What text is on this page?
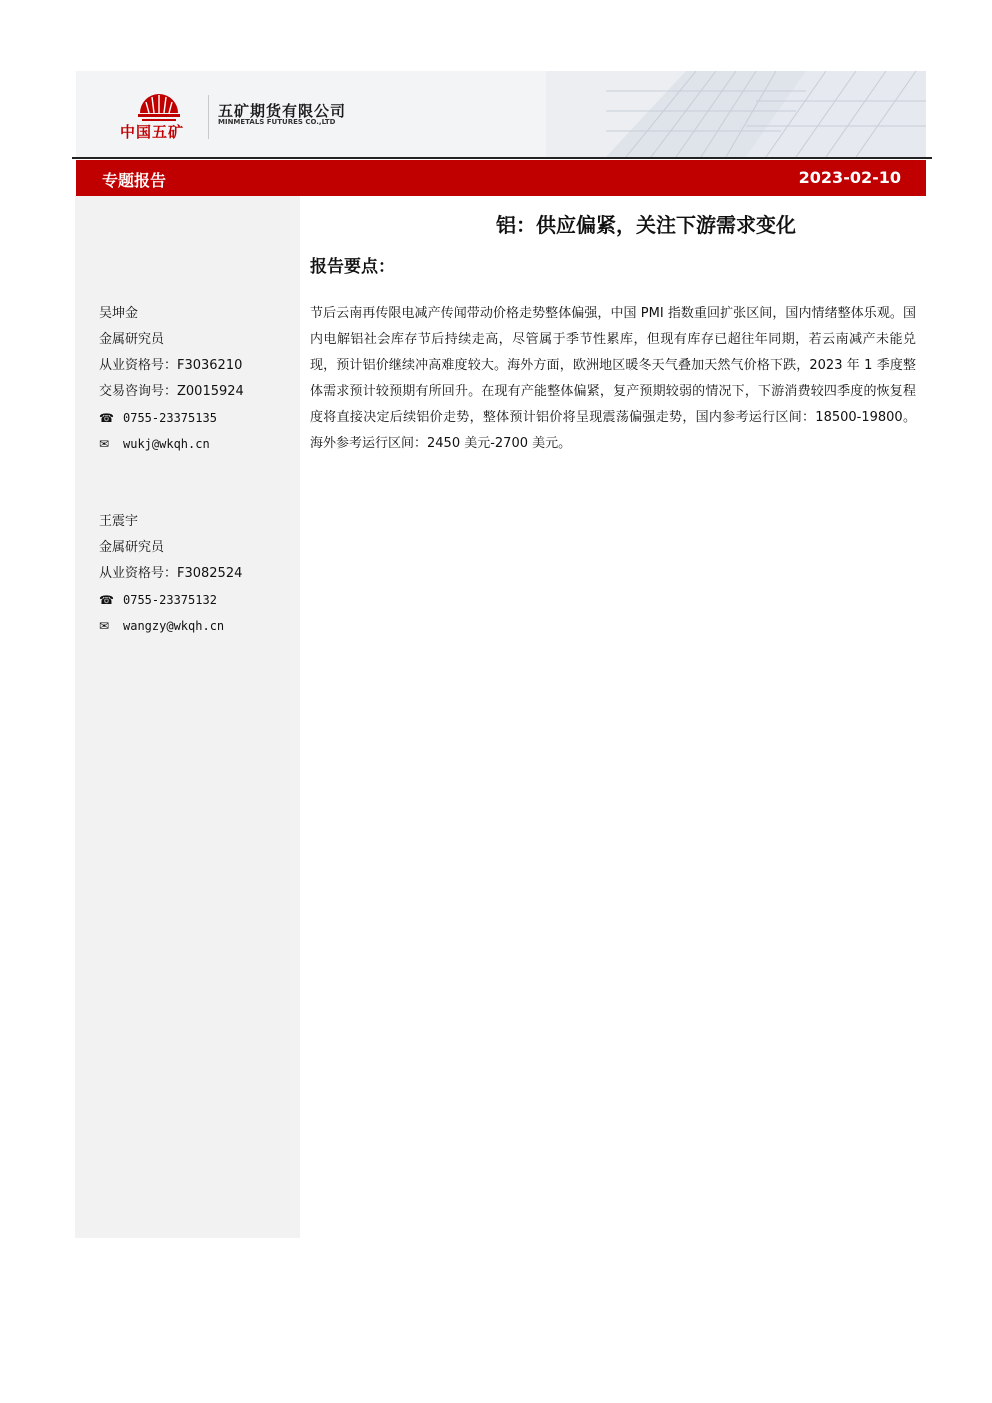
中国五矿
五矿期货有限公司
MINMETALS FUTURES CO.,LTD
专题报告	2023-02-10
吴坤金
金属研究员
从业资格号：F3036210
交易咨询号：Z0015924
☎ 0755-23375135
✉ wukj@wkqh.cn
王震宇
金属研究员
从业资格号：F3082524
☎ 0755-23375132
✉ wangzy@wkqh.cn
铝：供应偏紧，关注下游需求变化
报告要点：
节后云南再传限电减产传闻带动价格走势整体偏强，中国 PMI 指数重回扩张区间，国内情绪整体乐观。国内电解铝社会库存节后持续走高，尽管属于季节性累库，但现有库存已超往年同期，若云南减产未能兑现，预计铝价继续冲高难度较大。海外方面，欧洲地区暖冬天气叠加天然气价格下跌，2023 年 1 季度整体需求预计较预期有所回升。在现有产能整体偏紧，复产预期较弱的情况下，下游消费较四季度的恢复程度将直接决定后续铝价走势，整体预计铝价将呈现震荡偏强走势，国内参考运行区间：18500-19800。海外参考运行区间：2450 美元-2700 美元。
